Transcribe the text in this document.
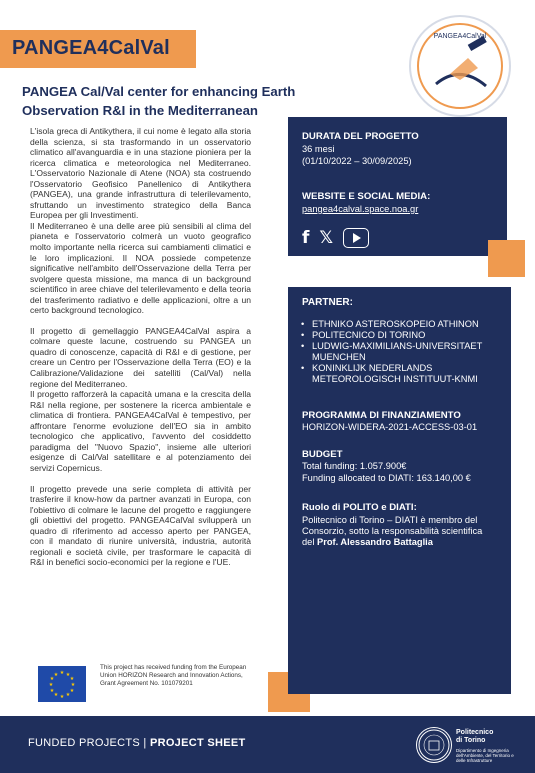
PANGEA4CalVal
PANGEA4CalVal
PANGEA Cal/Val center for enhancing Earth Observation R&I in the Mediterranean

L'isola greca di Antikythera, il cui nome è legato alla storia della scienza, si sta trasformando in un osservatorio climatico all'avanguardia e in una stazione pioniera per la ricerca climatica e meteorologica nel Mediterraneo. L'Osservatorio Nazionale di Atene (NOA) sta costruendo l'Osservatorio Geofisico Panellenico di Antikythera (PANGEA), una grande infrastruttura di telerilevamento, sfruttando un investimento strategico della Banca Europea per gli Investimenti.
Il Mediterraneo è una delle aree più sensibili al clima del pianeta e l'osservatorio colmerà un vuoto geografico molto importante nella ricerca sui cambiamenti climatici e le loro implicazioni. Il NOA possiede competenze significative nell'ambito dell'Osservazione della Terra per svolgere questa missione, ma manca di un background scientifico in aree chiave del telerilevamento e della teoria del trasferimento radiativo e delle applicazioni, oltre a un certo background tecnologico.

Il progetto di gemellaggio PANGEA4CalVal aspira a colmare queste lacune, costruendo su PANGEA un quadro di conoscenze, capacità di R&I e di gestione, per creare un Centro per l'Osservazione della Terra (EO) e la Calibrazione/Validazione dei satelliti (Cal/Val) nella regione del Mediterraneo.
Il progetto rafforzerà la capacità umana e la crescita della R&I nella regione, per sostenere la ricerca ambientale e climatica di frontiera. PANGEA4CalVal è tempestivo, per affrontare l'enorme evoluzione dell'EO sia in ambito tecnologico che applicativo, l'avvento del cosiddetto paradigma del "Nuovo Spazio", insieme alle ulteriori esigenze di Cal/Val satellitare e al potenziamento dei servizi Copernicus.

Il progetto prevede una serie completa di attività per trasferire il know-how da partner avanzati in Europa, con l'obiettivo di colmare le lacune del progetto e raggiungere gli obiettivi del progetto. PANGEA4CalVal svilupperà un quadro di riferimento ad accesso aperto per PANGEA, con il mandato di riunire università, industria, autorità regionali e società civile, per trasformare le capacità di R&I in benefici socio-economici per la regione e l'UE.

DURATA DEL PROGETTO
36 mesi
(01/10/2022 – 30/09/2025)
WEBSITE E SOCIAL MEDIA:
pangea4calval.space.noa.gr
f 𝕏
PARTNER:
• ETHNIKO ASTEROSKOPEIO ATHINON
• POLITECNICO DI TORINO
• LUDWIG-MAXIMILIANS-UNIVERSITAET MUENCHEN
• KONINKLIJK NEDERLANDS METEOROLOGISCH INSTITUUT-KNMI
PROGRAMMA DI FINANZIAMENTO
HORIZON-WIDERA-2021-ACCESS-03-01
BUDGET
Total funding: 1.057.900€
Funding allocated to DIATI: 163.140,00 €
Ruolo di POLITO e DIATI:
Politecnico di Torino – DIATI è membro del Consorzio, sotto la responsabilità scientifica del Prof. Alessandro Battaglia
★ ★
★
★
★
★
★
★
★
★
★
★
This project has received funding from the European Union HORIZON Research and Innovation Actions, Grant Agreement No. 101079201
FUNDED PROJECTS | PROJECT SHEET
Politecnico
di Torino
Dipartimento di Ingegneria dell'Ambiente, del Territorio e delle Infrastrutture
